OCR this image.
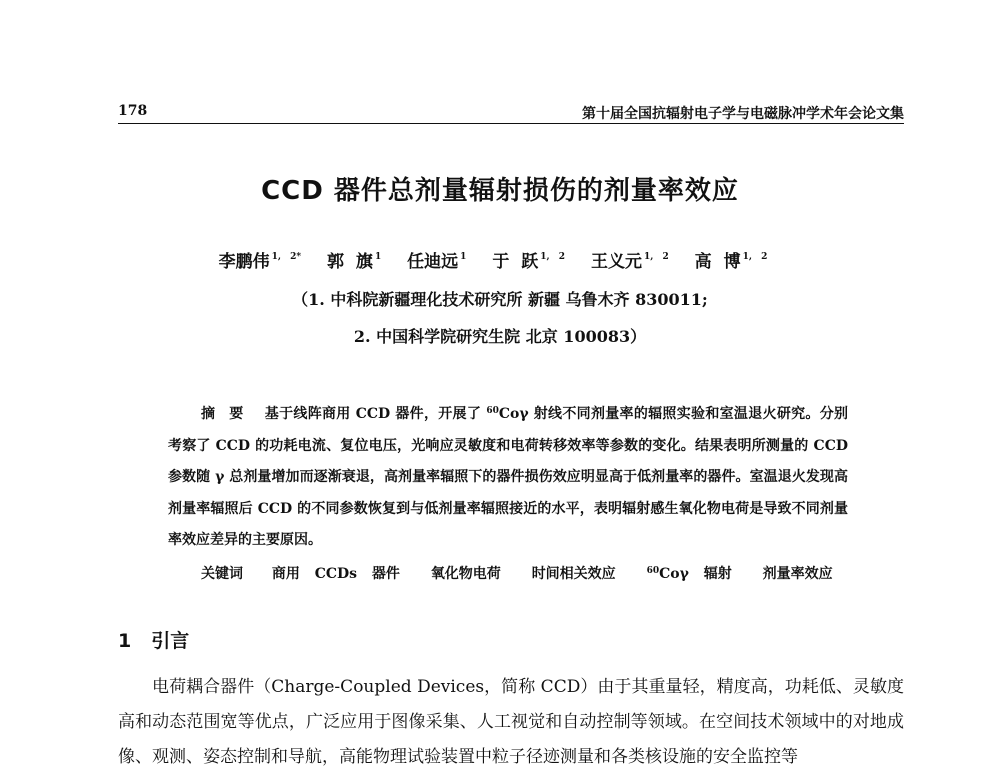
178	第十届全国抗辐射电子学与电磁脉冲学术年会论文集
CCD 器件总剂量辐射损伤的剂量率效应
李鹏伟 $^{1, 2*}$ 郭 旗 $^1$ 任迪远 $^1$ 于 跃 $^{1, 2}$ 王义元 $^{1, 2}$ 高 博 $^{1, 2}$
（1. 中科院新疆理化技术研究所 新疆 乌鲁木齐 830011;
2. 中国科学院研究生院 北京 100083）
摘要 基于线阵商用 CCD 器件，开展了 $^{60}$Coγ 射线不同剂量率的辐照实验和室温退火研究。分别考察了 CCD 的功耗电流、复位电压，光响应灵敏度和电荷转移效率等参数的变化。结果表明所测量的 CCD 参数随 γ 总剂量增加而逐渐衰退，高剂量率辐照下的器件损伤效应明显高于低剂量率的器件。室温退火发现高剂量率辐照后 CCD 的不同参数恢复到与低剂量率辐照接近的水平，表明辐射感生氧化物电荷是导致不同剂量率效应差异的主要原因。
关键词 商用 CCDs 器件 氧化物电荷 时间相关效应	$^{60}$Coγ 辐射 剂量率效应
1 引言
电荷耦合器件（Charge-Coupled Devices，简称 CCD）由于其重量轻，精度高，功耗低、灵敏度高和动态范围宽等优点，广泛应用于图像采集、人工视觉和自动控制等领域。在空间技术领域中的对地成像、观测、姿态控制和导航，高能物理试验装置中粒子径迹测量和各类核设施的安全监控等
